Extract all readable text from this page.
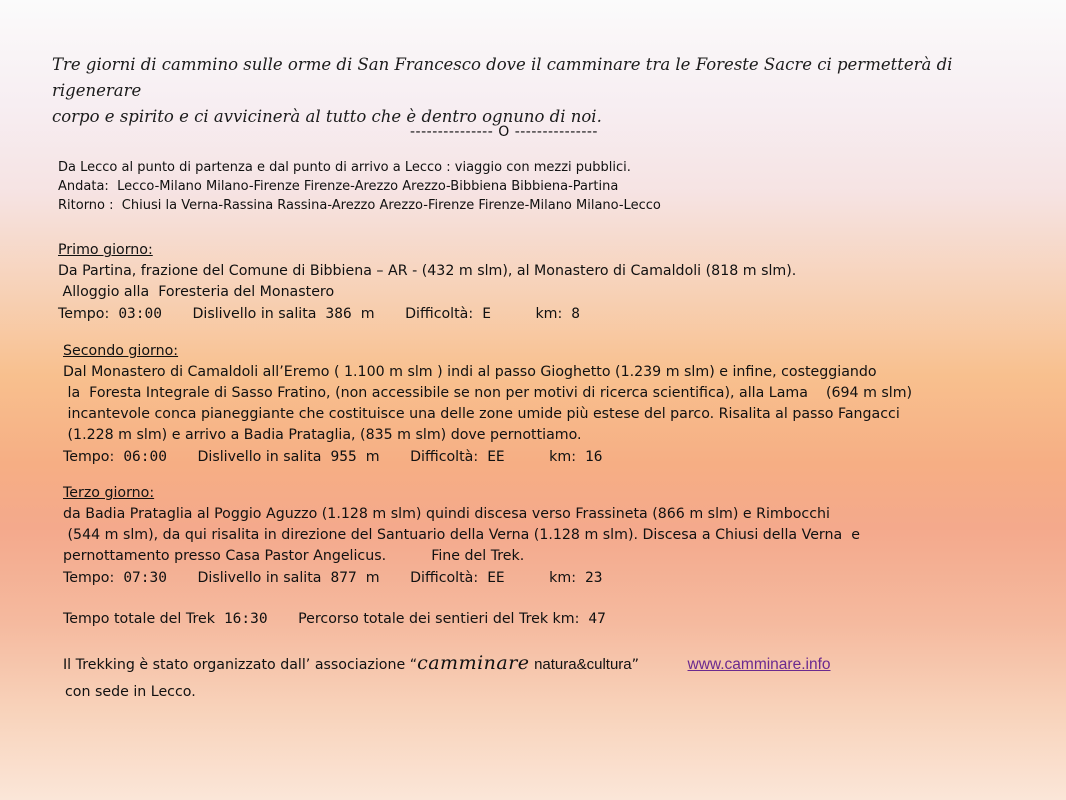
Tre giorni di cammino sulle orme di San Francesco dove il camminare tra le Foreste Sacre ci permetterà di rigenerare
corpo e spirito e ci avvicinerà al tutto che è dentro ognuno di noi.
--------------- O ---------------
Da Lecco al punto di partenza e dal punto di arrivo a Lecco : viaggio con mezzi pubblici.
Andata: Lecco-Milano Milano-Firenze Firenze-Arezzo Arezzo-Bibbiena Bibbiena-Partina
Ritorno : Chiusi la Verna-Rassina Rassina-Arezzo Arezzo-Firenze Firenze-Milano Milano-Lecco
Primo giorno:
Da Partina, frazione del Comune di Bibbiena – AR - (432 m slm), al Monastero di Camaldoli (818 m slm).
Alloggio alla  Foresteria del Monastero
Tempo: 03:00 Dislivello in salita 386 m Difficoltà: E	km: 8
Secondo giorno:
Dal Monastero di Camaldoli all’Eremo ( 1.100 m slm ) indi al passo Gioghetto (1.239 m slm) e infine, costeggiando
la  Foresta Integrale di Sasso Fratino, (non accessibile se non per motivi di ricerca scientifica), alla Lama    (694 m slm)
incantevole conca pianeggiante che costituisce una delle zone umide più estese del parco. Risalita al passo Fangacci
(1.228 m slm) e arrivo a Badia Prataglia, (835 m slm) dove pernottiamo.
Tempo: 06:00 Dislivello in salita 955 m Difficoltà: EE	km: 16
Terzo giorno:
da Badia Prataglia al Poggio Aguzzo (1.128 m slm) quindi discesa verso Frassineta (866 m slm) e Rimbocchi
(544 m slm), da qui risalita in direzione del Santuario della Verna (1.128 m slm). Discesa a Chiusi della Verna  e
pernottamento presso Casa Pastor Angelicus.          Fine del Trek.
Tempo: 07:30 Dislivello in salita 877 m Difficoltà: EE	km: 23
Tempo totale del Trek 16:30 Percorso totale dei sentieri del Trek km: 47
Il Trekking è stato organizzato dall’ associazione “camminare natura&cultura”	www.camminare.info
con sede in Lecco.
